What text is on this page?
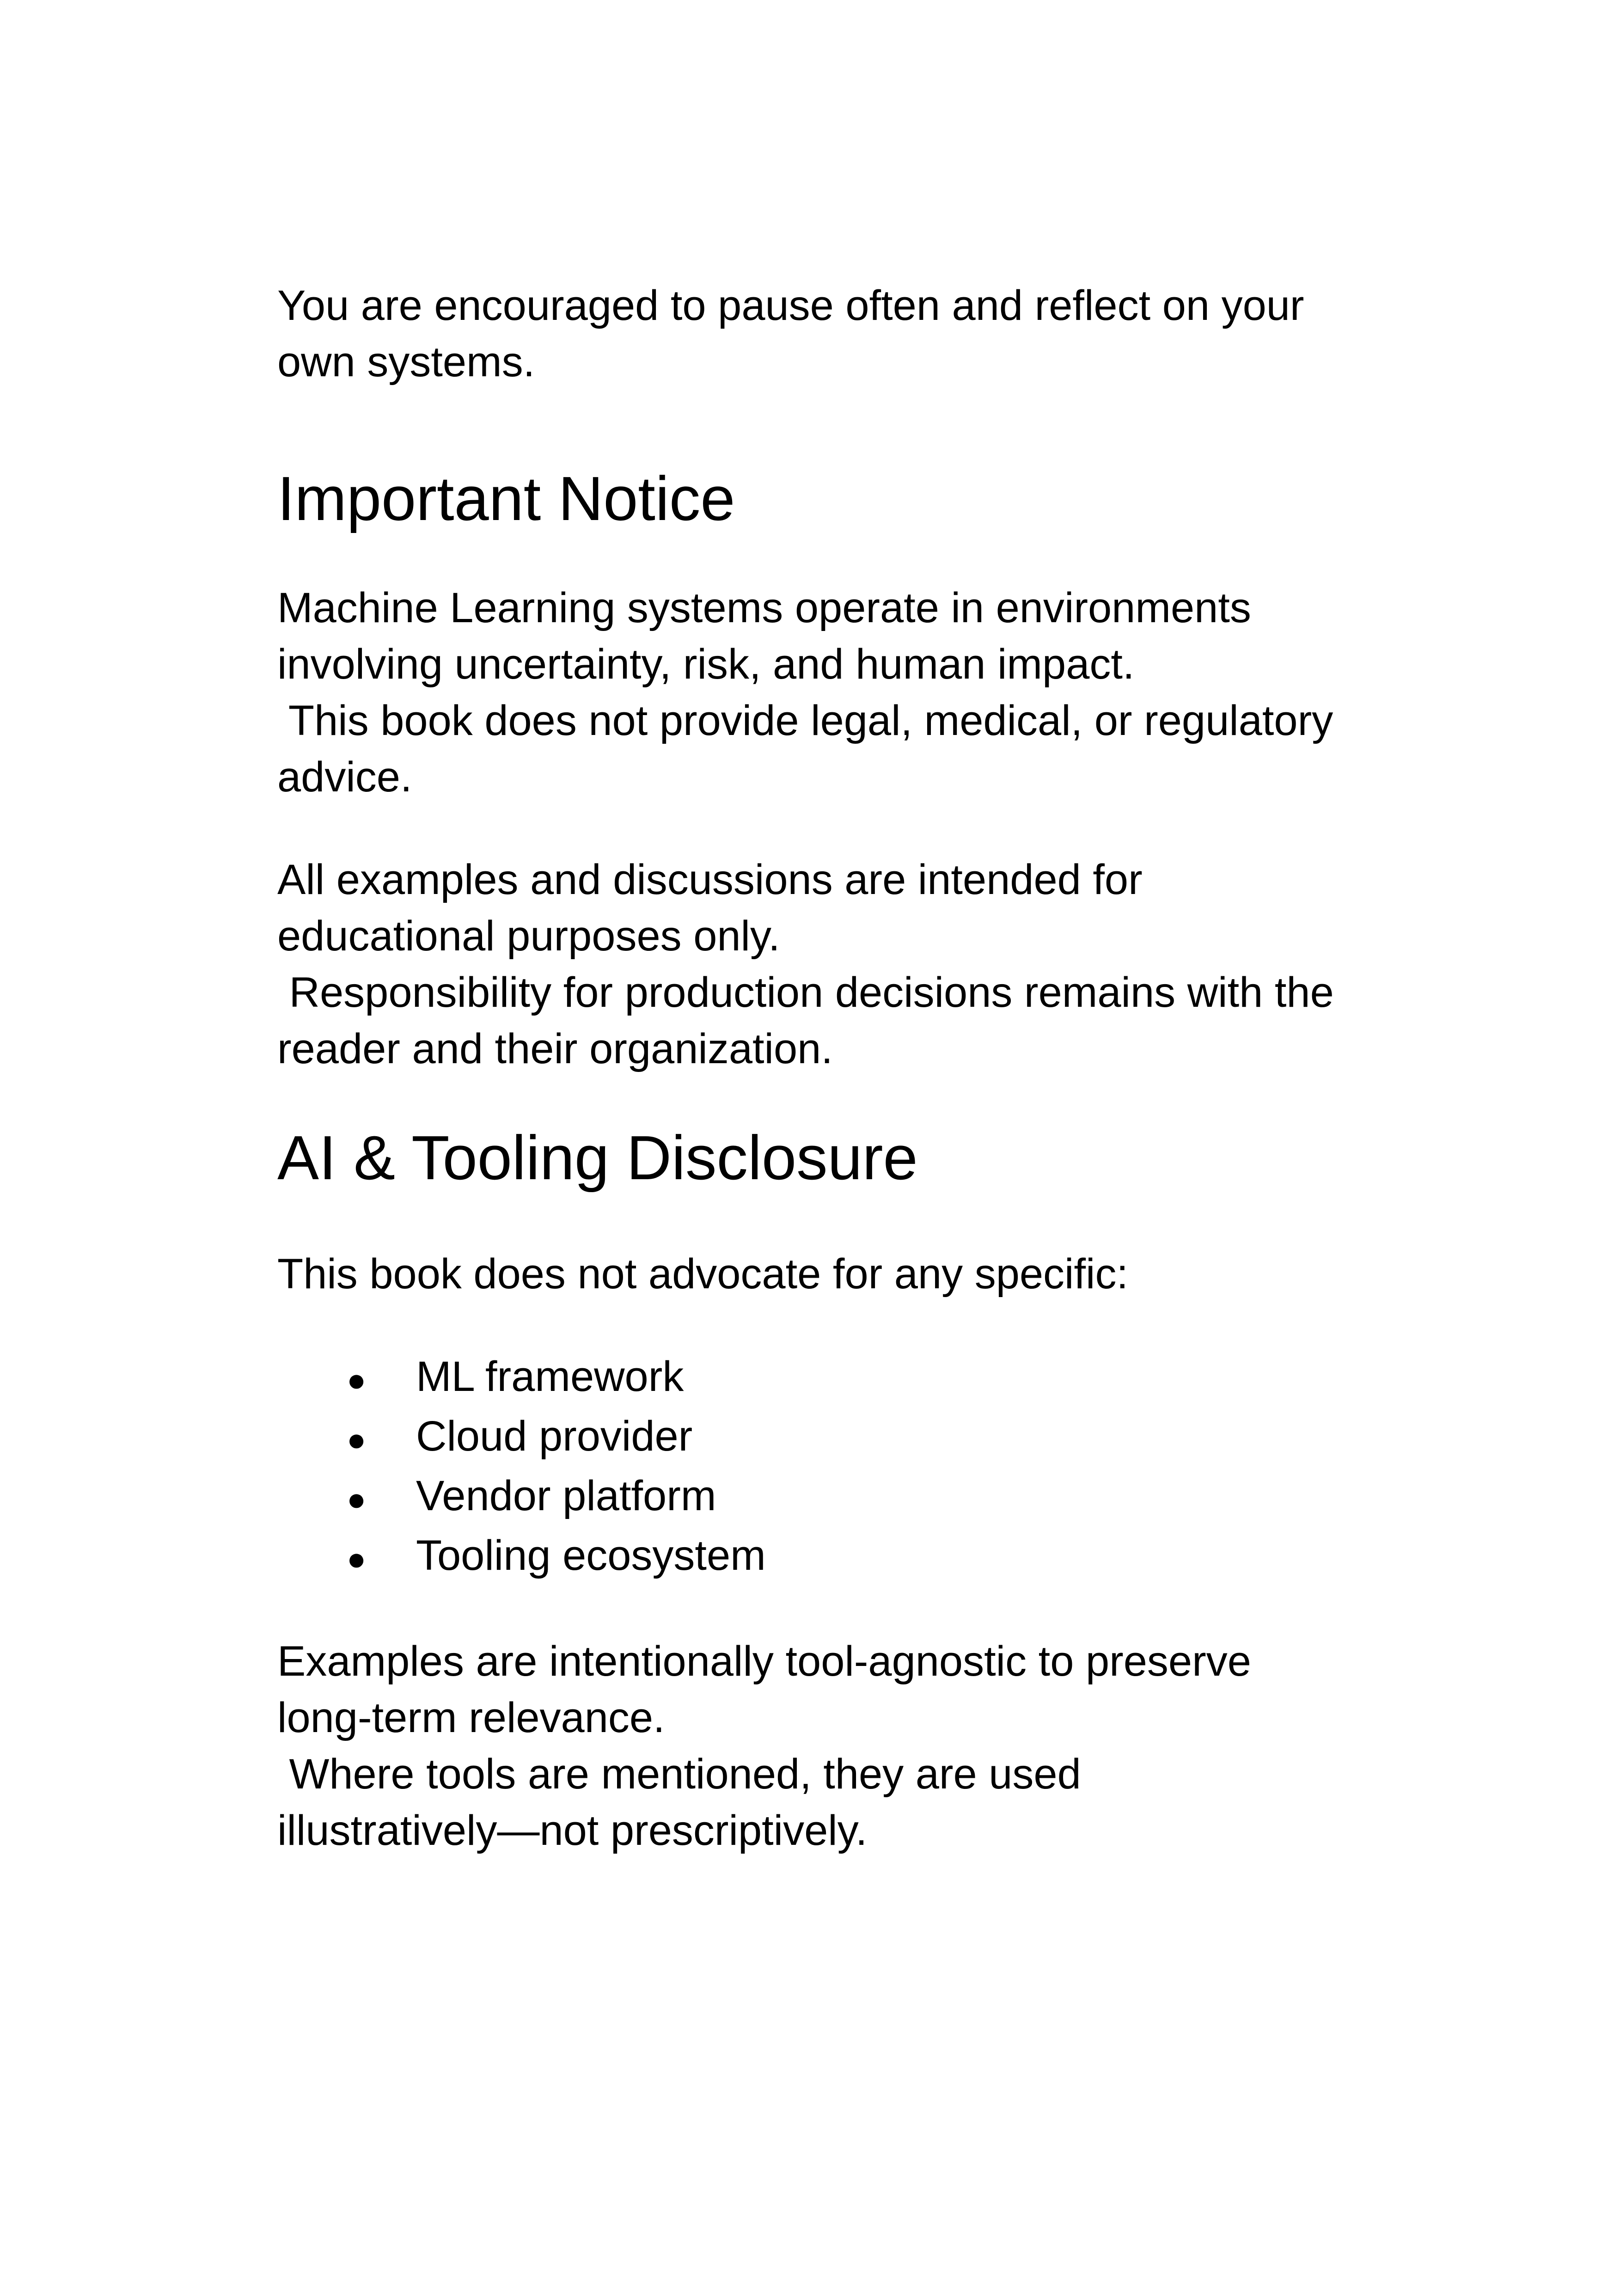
You are encouraged to pause often and reflect on your
own systems.

Important Notice

Machine Learning systems operate in environments
involving uncertainty, risk, and human impact.
This book does not provide legal, medical, or regulatory
advice.

All examples and discussions are intended for
educational purposes only.
Responsibility for production decisions remains with the
reader and their organization.

AI & Tooling Disclosure

This book does not advocate for any specific:

●	ML framework
●	Cloud provider
●	Vendor platform
●	Tooling ecosystem

Examples are intentionally tool-agnostic to preserve
long-term relevance.
Where tools are mentioned, they are used
illustratively—not prescriptively.
